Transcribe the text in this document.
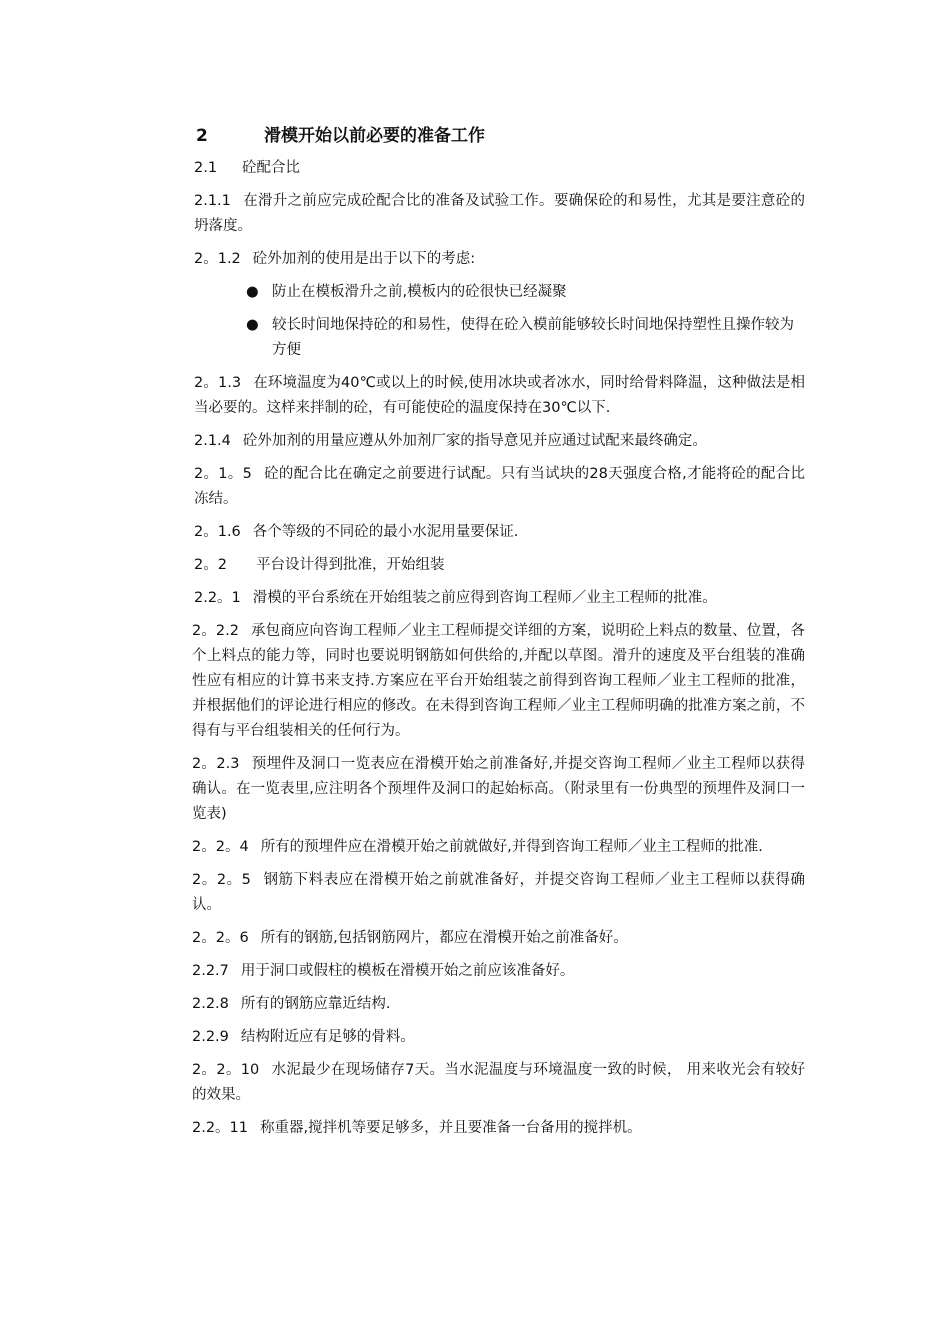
2	滑模开始以前必要的准备工作
2.1 砼配合比
2.1.1 在滑升之前应完成砼配合比的准备及试验工作。要确保砼的和易性，尤其是要注意砼的坍落度。
2。1.2 砼外加剂的使用是出于以下的考虑:
● 防止在模板滑升之前,模板内的砼很快已经凝聚
● 较长时间地保持砼的和易性，使得在砼入模前能够较长时间地保持塑性且操作较为方便
2。1.3 在环境温度为40℃或以上的时候,使用冰块或者冰水，同时给骨料降温，这种做法是相当必要的。这样来拌制的砼，有可能使砼的温度保持在30℃以下.
2.1.4 砼外加剂的用量应遵从外加剂厂家的指导意见并应通过试配来最终确定。
2。1。5 砼的配合比在确定之前要进行试配。只有当试块的28天强度合格,才能将砼的配合比冻结。
2。1.6 各个等级的不同砼的最小水泥用量要保证.
2。2 平台设计得到批准，开始组装
2.2。1 滑模的平台系统在开始组装之前应得到咨询工程师／业主工程师的批准。
2。2.2 承包商应向咨询工程师／业主工程师提交详细的方案，说明砼上料点的数量、位置，各个上料点的能力等，同时也要说明钢筋如何供给的,并配以草图。滑升的速度及平台组装的准确性应有相应的计算书来支持.方案应在平台开始组装之前得到咨询工程师／业主工程师的批准，并根据他们的评论进行相应的修改。在未得到咨询工程师／业主工程师明确的批准方案之前，不得有与平台组装相关的任何行为。
2。2.3 预埋件及洞口一览表应在滑模开始之前准备好,并提交咨询工程师／业主工程师以获得确认。在一览表里,应注明各个预埋件及洞口的起始标高。（附录里有一份典型的预埋件及洞口一览表)
2。2。4 所有的预埋件应在滑模开始之前就做好,并得到咨询工程师／业主工程师的批准.
2。2。5 钢筋下料表应在滑模开始之前就准备好，并提交咨询工程师／业主工程师以获得确认。
2。2。6 所有的钢筋,包括钢筋网片，都应在滑模开始之前准备好。
2.2.7 用于洞口或假柱的模板在滑模开始之前应该准备好。
2.2.8 所有的钢筋应靠近结构.
2.2.9 结构附近应有足够的骨料。
2。2。10 水泥最少在现场储存7天。当水泥温度与环境温度一致的时候， 用来收光会有较好的效果。
2.2。11 称重器,搅拌机等要足够多，并且要准备一台备用的搅拌机。
